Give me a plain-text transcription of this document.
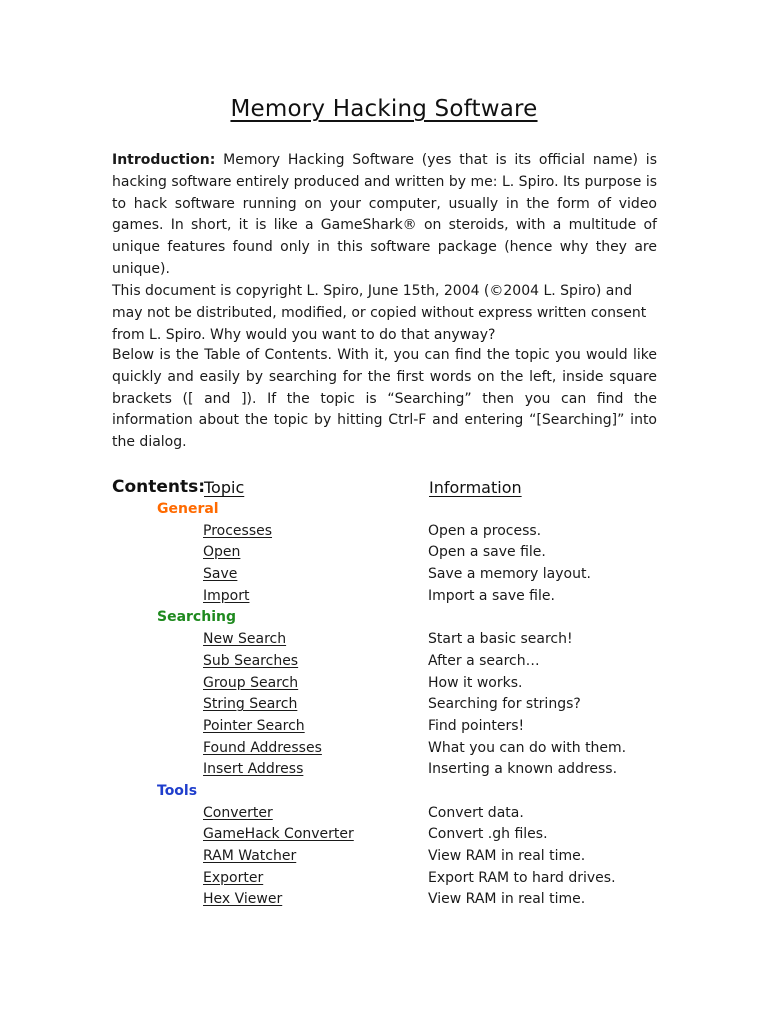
Memory Hacking Software
Introduction: Memory Hacking Software (yes that is its official name) is hacking software entirely produced and written by me: L. Spiro. Its purpose is to hack software running on your computer, usually in the form of video games. In short, it is like a GameShark® on steroids, with a multitude of unique features found only in this software package (hence why they are unique).
This document is copyright L. Spiro, June 15th, 2004 (©2004 L. Spiro) and may not be distributed, modified, or copied without express written consent from L. Spiro. Why would you want to do that anyway?
Below is the Table of Contents. With it, you can find the topic you would like quickly and easily by searching for the first words on the left, inside square brackets ([ and ]). If the topic is “Searching” then you can find the information about the topic by hitting Ctrl-F and entering “[Searching]” into the dialog.
Contents:
Topic	Information
General
Processes	Open a process.
Open	Open a save file.
Save	Save a memory layout.
Import	Import a save file.
Searching
New Search	Start a basic search!
Sub Searches	After a search…
Group Search	How it works.
String Search	Searching for strings?
Pointer Search	Find pointers!
Found Addresses	What you can do with them.
Insert Address	Inserting a known address.
Tools
Converter	Convert data.
GameHack Converter	Convert .gh files.
RAM Watcher	View RAM in real time.
Exporter	Export RAM to hard drives.
Hex Viewer	View RAM in real time.
